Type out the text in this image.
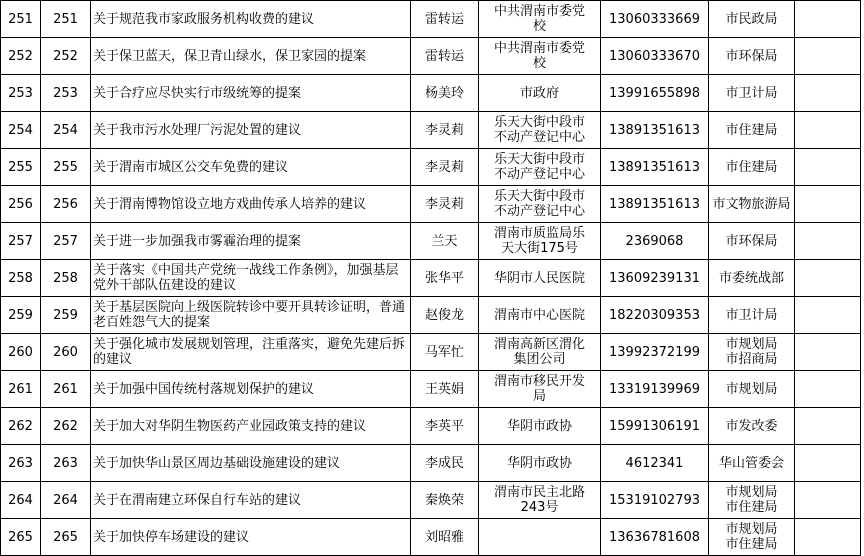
251	251	关于规范我市家政服务机构收费的建议	雷转运	中共渭南市委党
校	13060333669	市民政局	

252	252	关于保卫蓝天，保卫青山绿水，保卫家园的提案	雷转运	中共渭南市委党
校	13060333670	市环保局	

253	253	关于合疗应尽快实行市级统筹的提案	杨美玲	市政府	13991655898	市卫计局	

254	254	关于我市污水处理厂污泥处置的建议	李灵莉	乐天大街中段市
不动产登记中心	13891351613	市住建局	

255	255	关于渭南市城区公交车免费的建议	李灵莉	乐天大街中段市
不动产登记中心	13891351613	市住建局	

256	256	关于渭南博物馆设立地方戏曲传承人培养的建议	李灵莉	乐天大街中段市
不动产登记中心	13891351613	市文物旅游局	

257	257	关于进一步加强我市雾霾治理的提案	兰天	渭南市质监局乐
天大街175号	2369068	市环保局	

258	258	关于落实《中国共产党统一战线工作条例》，加强基层党外干部队伍建设的建议	张华平	华阴市人民医院	13609239131	市委统战部	

259	259	关于基层医院向上级医院转诊中要开具转诊证明，普通老百姓怨气大的提案	赵俊龙	渭南市中心医院	18220309353	市卫计局	

260	260	关于强化城市发展规划管理，注重落实，避免先建后拆的建议	马军忙	渭南高新区渭化
集团公司	13992372199	市规划局
市招商局	

261	261	关于加强中国传统村落规划保护的建议	王英娟	渭南市移民开发
局	13319139969	市规划局	

262	262	关于加大对华阴生物医药产业园政策支持的建议	李英平	华阴市政协	15991306191	市发改委	

263	263	关于加快华山景区周边基础设施建设的建议	李成民	华阴市政协	4612341	华山管委会	

264	264	关于在渭南建立环保自行车站的建议	秦焕荣	渭南市民主北路
243号	15319102793	市规划局
市住建局	

265	265	关于加快停车场建设的建议	刘昭雅		13636781608	市规划局
市住建局	
